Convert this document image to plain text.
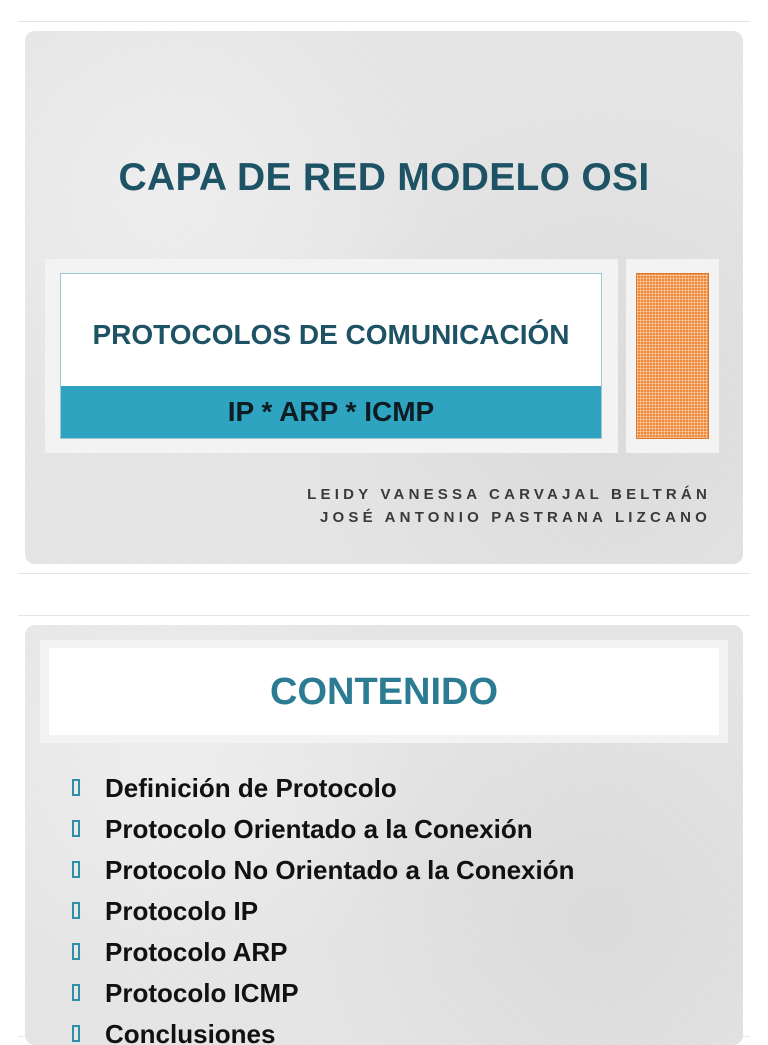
CAPA DE RED MODELO OSI
PROTOCOLOS DE COMUNICACIÓN
IP * ARP * ICMP
LEIDY VANESSA CARVAJAL BELTRÁN
JOSÉ ANTONIO PASTRANA LIZCANO
CONTENIDO
Definición de Protocolo
Protocolo Orientado a la Conexión
Protocolo No Orientado a la Conexión
Protocolo IP
Protocolo ARP
Protocolo ICMP
Conclusiones
